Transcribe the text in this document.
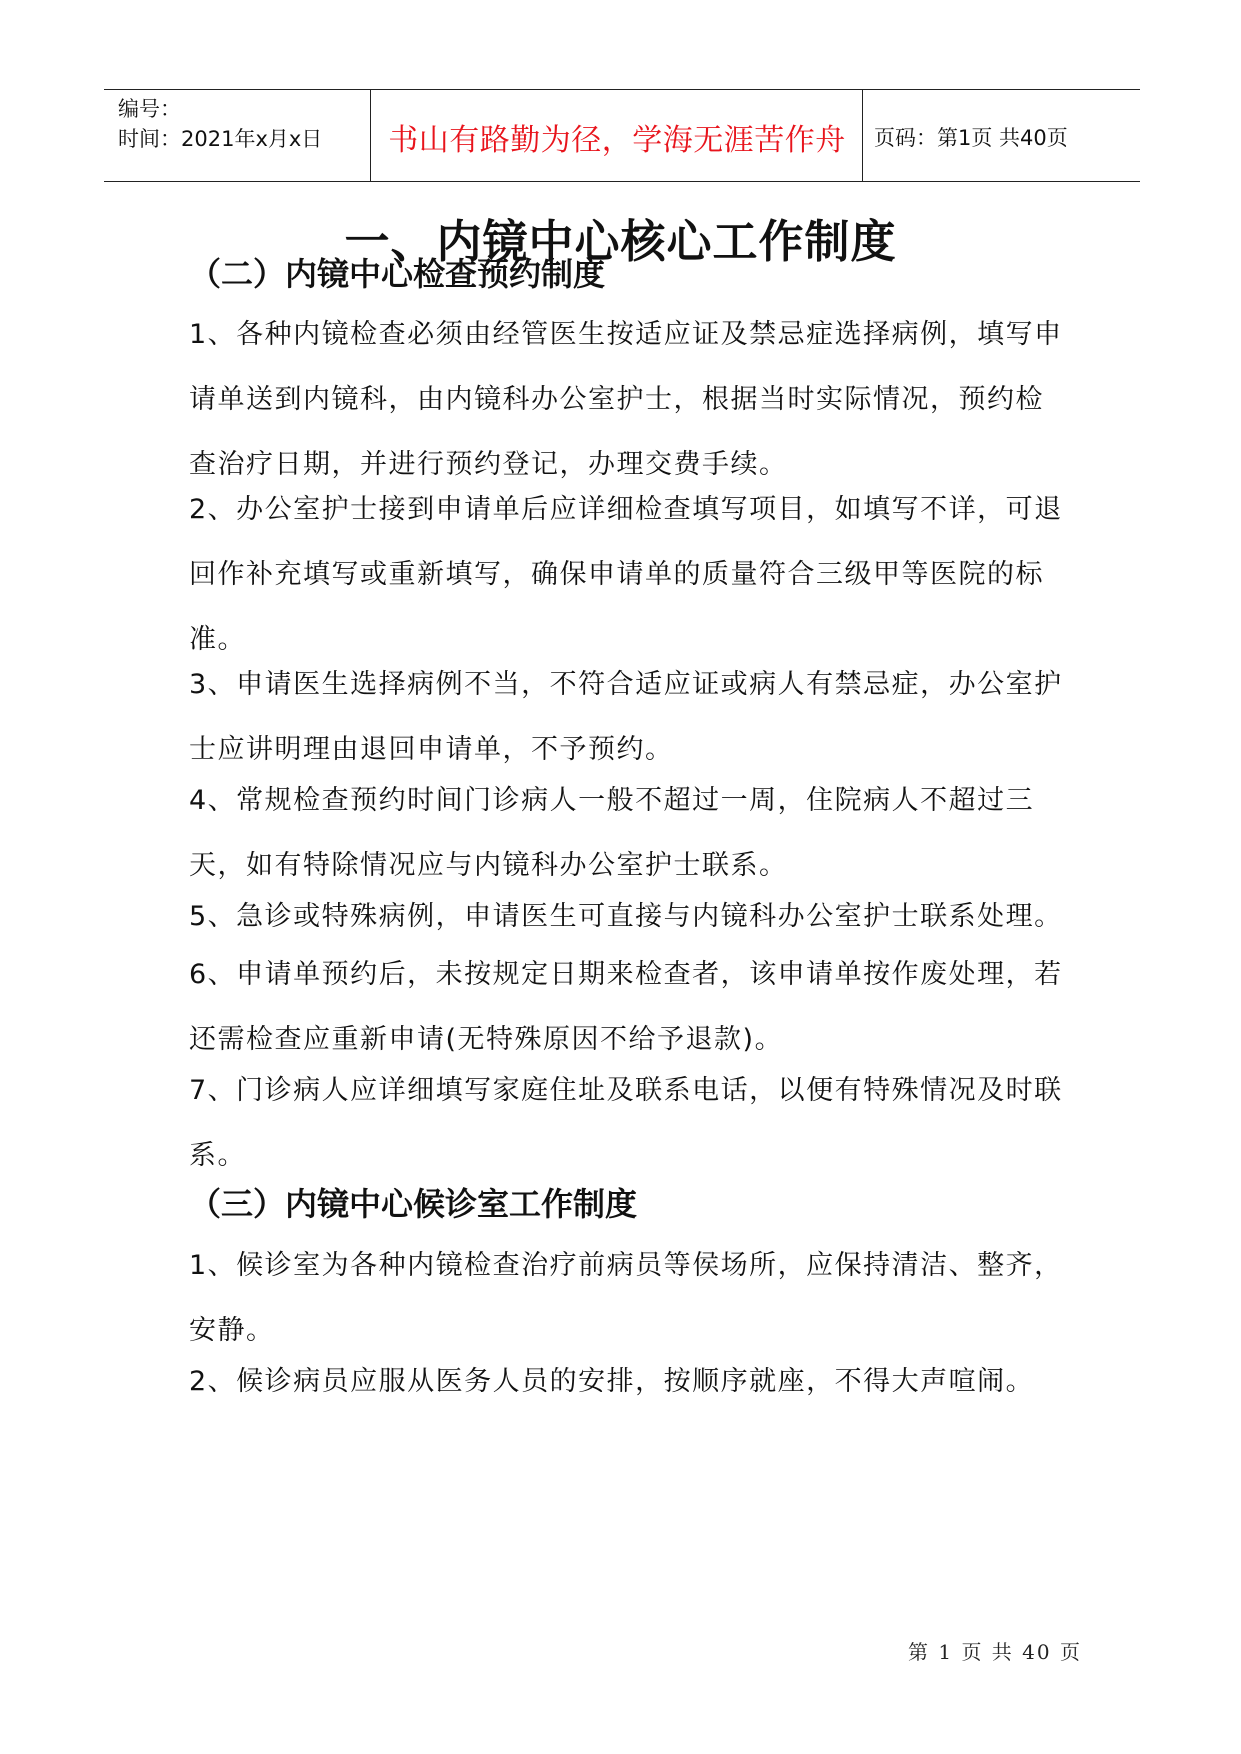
编号：
时间：2021年x月x日	书山有路勤为径，学海无涯苦作舟	页码：第1页 共40页
一、内镜中心核心工作制度
（二）内镜中心检查预约制度
1、各种内镜检查必须由经管医生按适应证及禁忌症选择病例，填写申请单送到内镜科，由内镜科办公室护士，根据当时实际情况，预约检查治疗日期，并进行预约登记，办理交费手续。
2、办公室护士接到申请单后应详细检查填写项目，如填写不详，可退回作补充填写或重新填写，确保申请单的质量符合三级甲等医院的标准。
3、申请医生选择病例不当，不符合适应证或病人有禁忌症，办公室护士应讲明理由退回申请单，不予预约。
4、常规检查预约时间门诊病人一般不超过一周，住院病人不超过三天，如有特除情况应与内镜科办公室护士联系。
5、急诊或特殊病例，申请医生可直接与内镜科办公室护士联系处理。
6、申请单预约后，未按规定日期来检查者，该申请单按作废处理，若还需检查应重新申请(无特殊原因不给予退款)。
7、门诊病人应详细填写家庭住址及联系电话，以便有特殊情况及时联系。
（三）内镜中心候诊室工作制度
1、候诊室为各种内镜检查治疗前病员等侯场所，应保持清洁、整齐，安静。
2、候诊病员应服从医务人员的安排，按顺序就座，不得大声喧闹。
第 1 页 共 40 页
